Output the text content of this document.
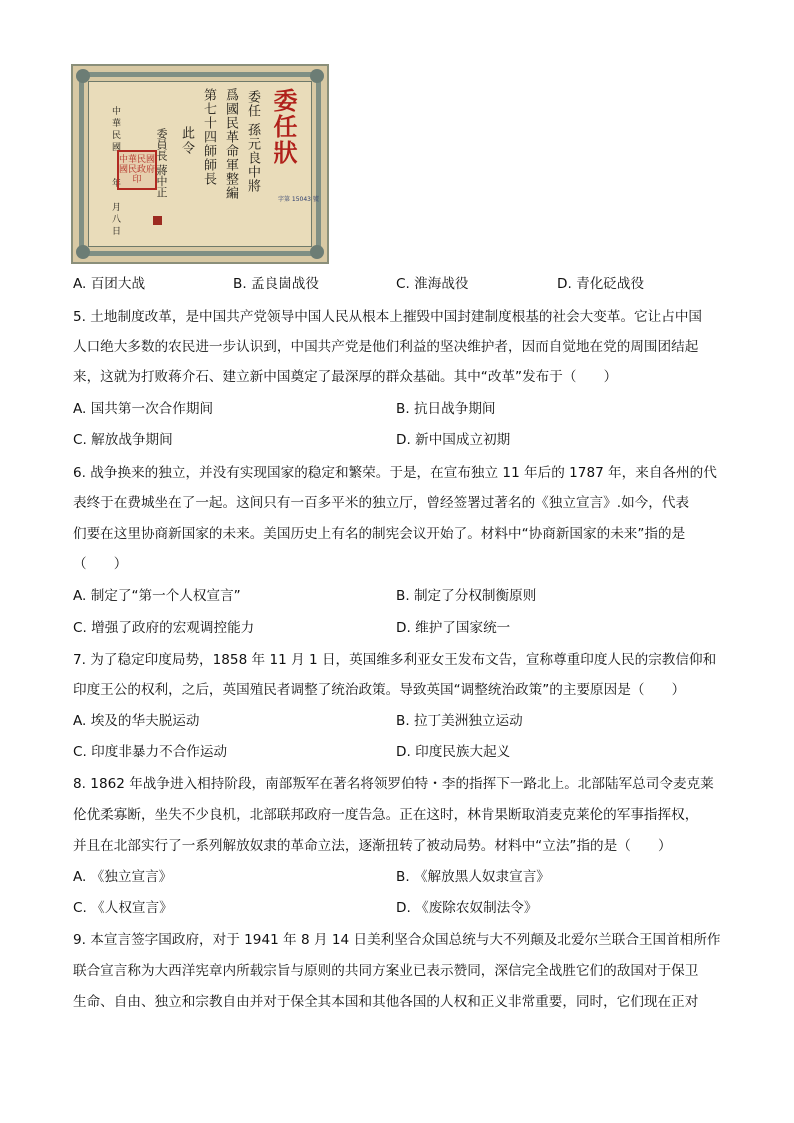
委任狀
委任 孫元良中將
爲國民革命軍整編
第七十四師師長
此令
委員長 蔣中正
中華民國　　年　月八日	字第 15043 號
中華民國國民政府印
A. 百团大战	B. 孟良崮战役	C. 淮海战役	D. 青化砭战役
5. 土地制度改革，是中国共产党领导中国人民从根本上摧毁中国封建制度根基的社会大变革。它让占中国
人口绝大多数的农民进一步认识到，中国共产党是他们利益的坚决维护者，因而自觉地在党的周围团结起
来，这就为打败蒋介石、建立新中国奠定了最深厚的群众基础。其中“改革”发布于（　　）
A. 国共第一次合作期间	B. 抗日战争期间
C. 解放战争期间	D. 新中国成立初期
6. 战争换来的独立，并没有实现国家的稳定和繁荣。于是，在宣布独立 11 年后的 1787 年，来自各州的代
表终于在费城坐在了一起。这间只有一百多平米的独立厅，曾经签署过著名的《独立宣言》.如今，代表
们要在这里协商新国家的未来。美国历史上有名的制宪会议开始了。材料中“协商新国家的未来”指的是
（　　）
A. 制定了“第一个人权宣言”	B. 制定了分权制衡原则
C. 增强了政府的宏观调控能力	D. 维护了国家统一
7. 为了稳定印度局势，1858 年 11 月 1 日，英国维多利亚女王发布文告，宣称尊重印度人民的宗教信仰和
印度王公的权利，之后，英国殖民者调整了统治政策。导致英国“调整统治政策”的主要原因是（　　）
A. 埃及的华夫脱运动	B. 拉丁美洲独立运动
C. 印度非暴力不合作运动	D. 印度民族大起义
8. 1862 年战争进入相持阶段，南部叛军在著名将领罗伯特・李的指挥下一路北上。北部陆军总司令麦克莱
伦优柔寡断，坐失不少良机，北部联邦政府一度告急。正在这时，林肯果断取消麦克莱伦的军事指挥权，
并且在北部实行了一系列解放奴隶的革命立法，逐渐扭转了被动局势。材料中“立法”指的是（　　）
A. 《独立宣言》	B. 《解放黑人奴隶宣言》
C. 《人权宣言》	D. 《废除农奴制法令》
9. 本宣言签字国政府，对于 1941 年 8 月 14 日美利坚合众国总统与大不列颠及北爱尔兰联合王国首相所作
联合宣言称为大西洋宪章内所载宗旨与原则的共同方案业已表示赞同，深信完全战胜它们的敌国对于保卫
生命、自由、独立和宗教自由并对于保全其本国和其他各国的人权和正义非常重要，同时，它们现在正对
